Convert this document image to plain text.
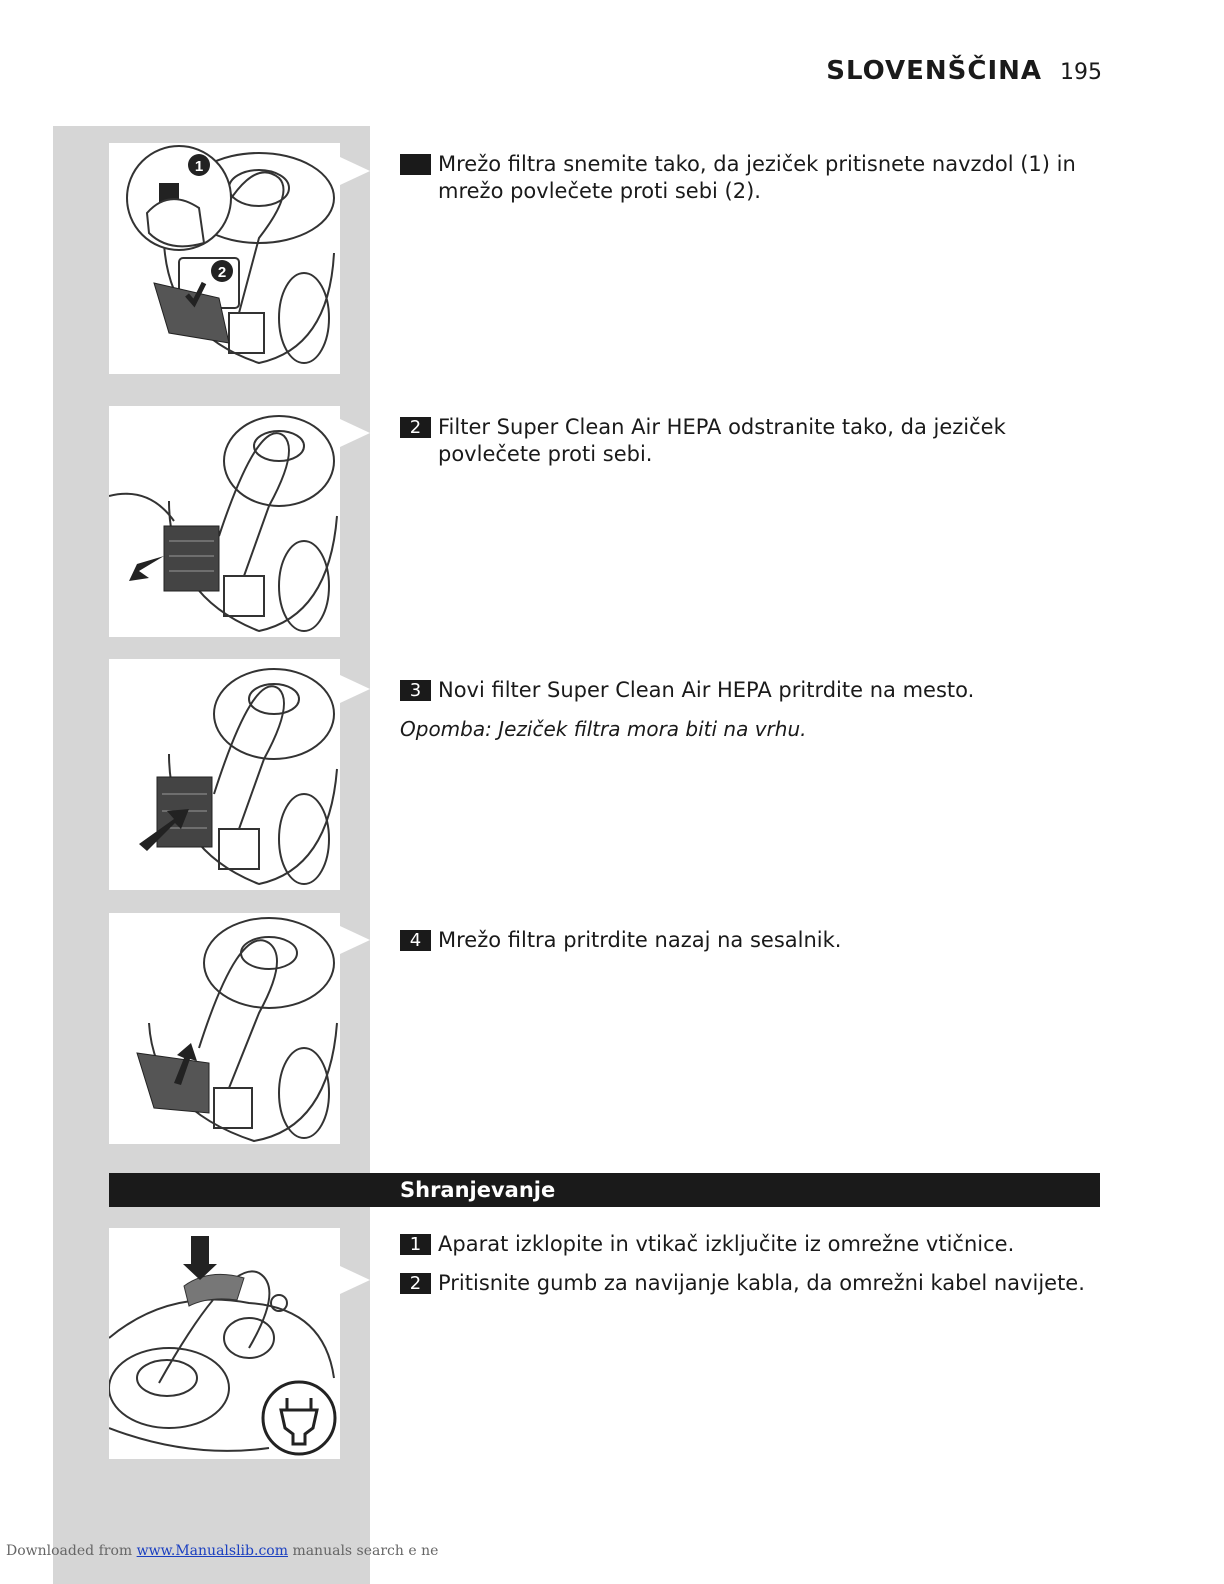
SLOVENŠČINA 195
1
2
Mrežo filtra snemite tako, da jeziček pritisnete navzdol (1) in mrežo povlečete proti sebi (2).
2 Filter Super Clean Air HEPA odstranite tako, da jeziček povlečete proti sebi.
3 Novi filter Super Clean Air HEPA pritrdite na mesto.
Opomba: Jeziček filtra mora biti na vrhu.
4 Mrežo filtra pritrdite nazaj na sesalnik.
Shranjevanje
1 Aparat izklopite in vtikač izključite iz omrežne vtičnice.
2 Pritisnite gumb za navijanje kabla, da omrežni kabel navijete.
Downloaded from www.Manualslib.com manuals search e ne
